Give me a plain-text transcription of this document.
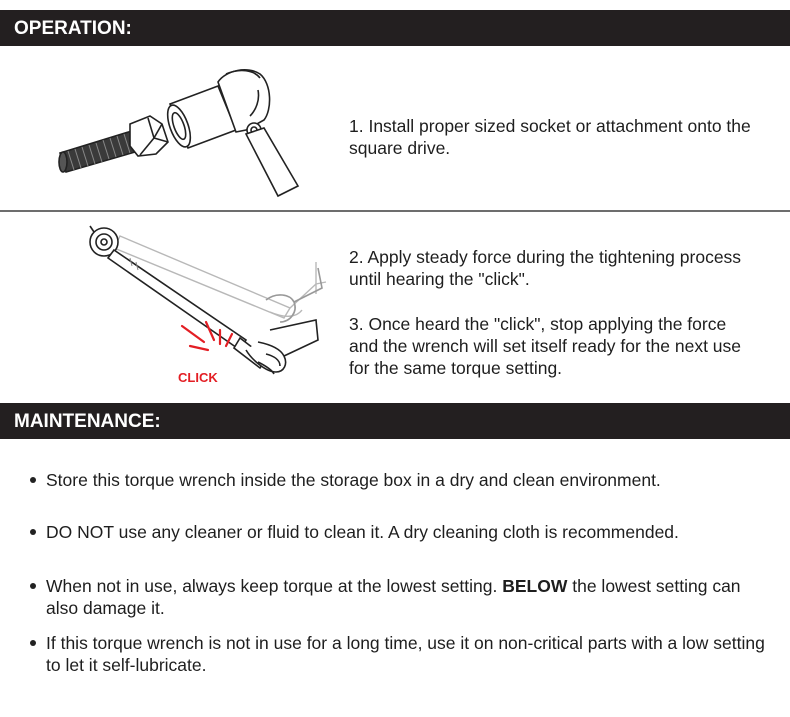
OPERATION:

1. Install proper sized socket or attachment onto the square drive.

CLICK

2. Apply steady force during the tightening process until hearing the "click".

3. Once heard the "click", stop applying the force and the wrench will set itself ready for the next use for the same torque setting.

MAINTENANCE:
Store this torque wrench inside the storage box in a dry and clean environment.
DO NOT use any cleaner or fluid to clean it. A dry cleaning cloth is recommended.
When not in use, always keep torque at the lowest setting. BELOW the lowest setting can also damage it.
If this torque wrench is not in use for a long time, use it on non-critical parts with a low setting to let it self-lubricate.
